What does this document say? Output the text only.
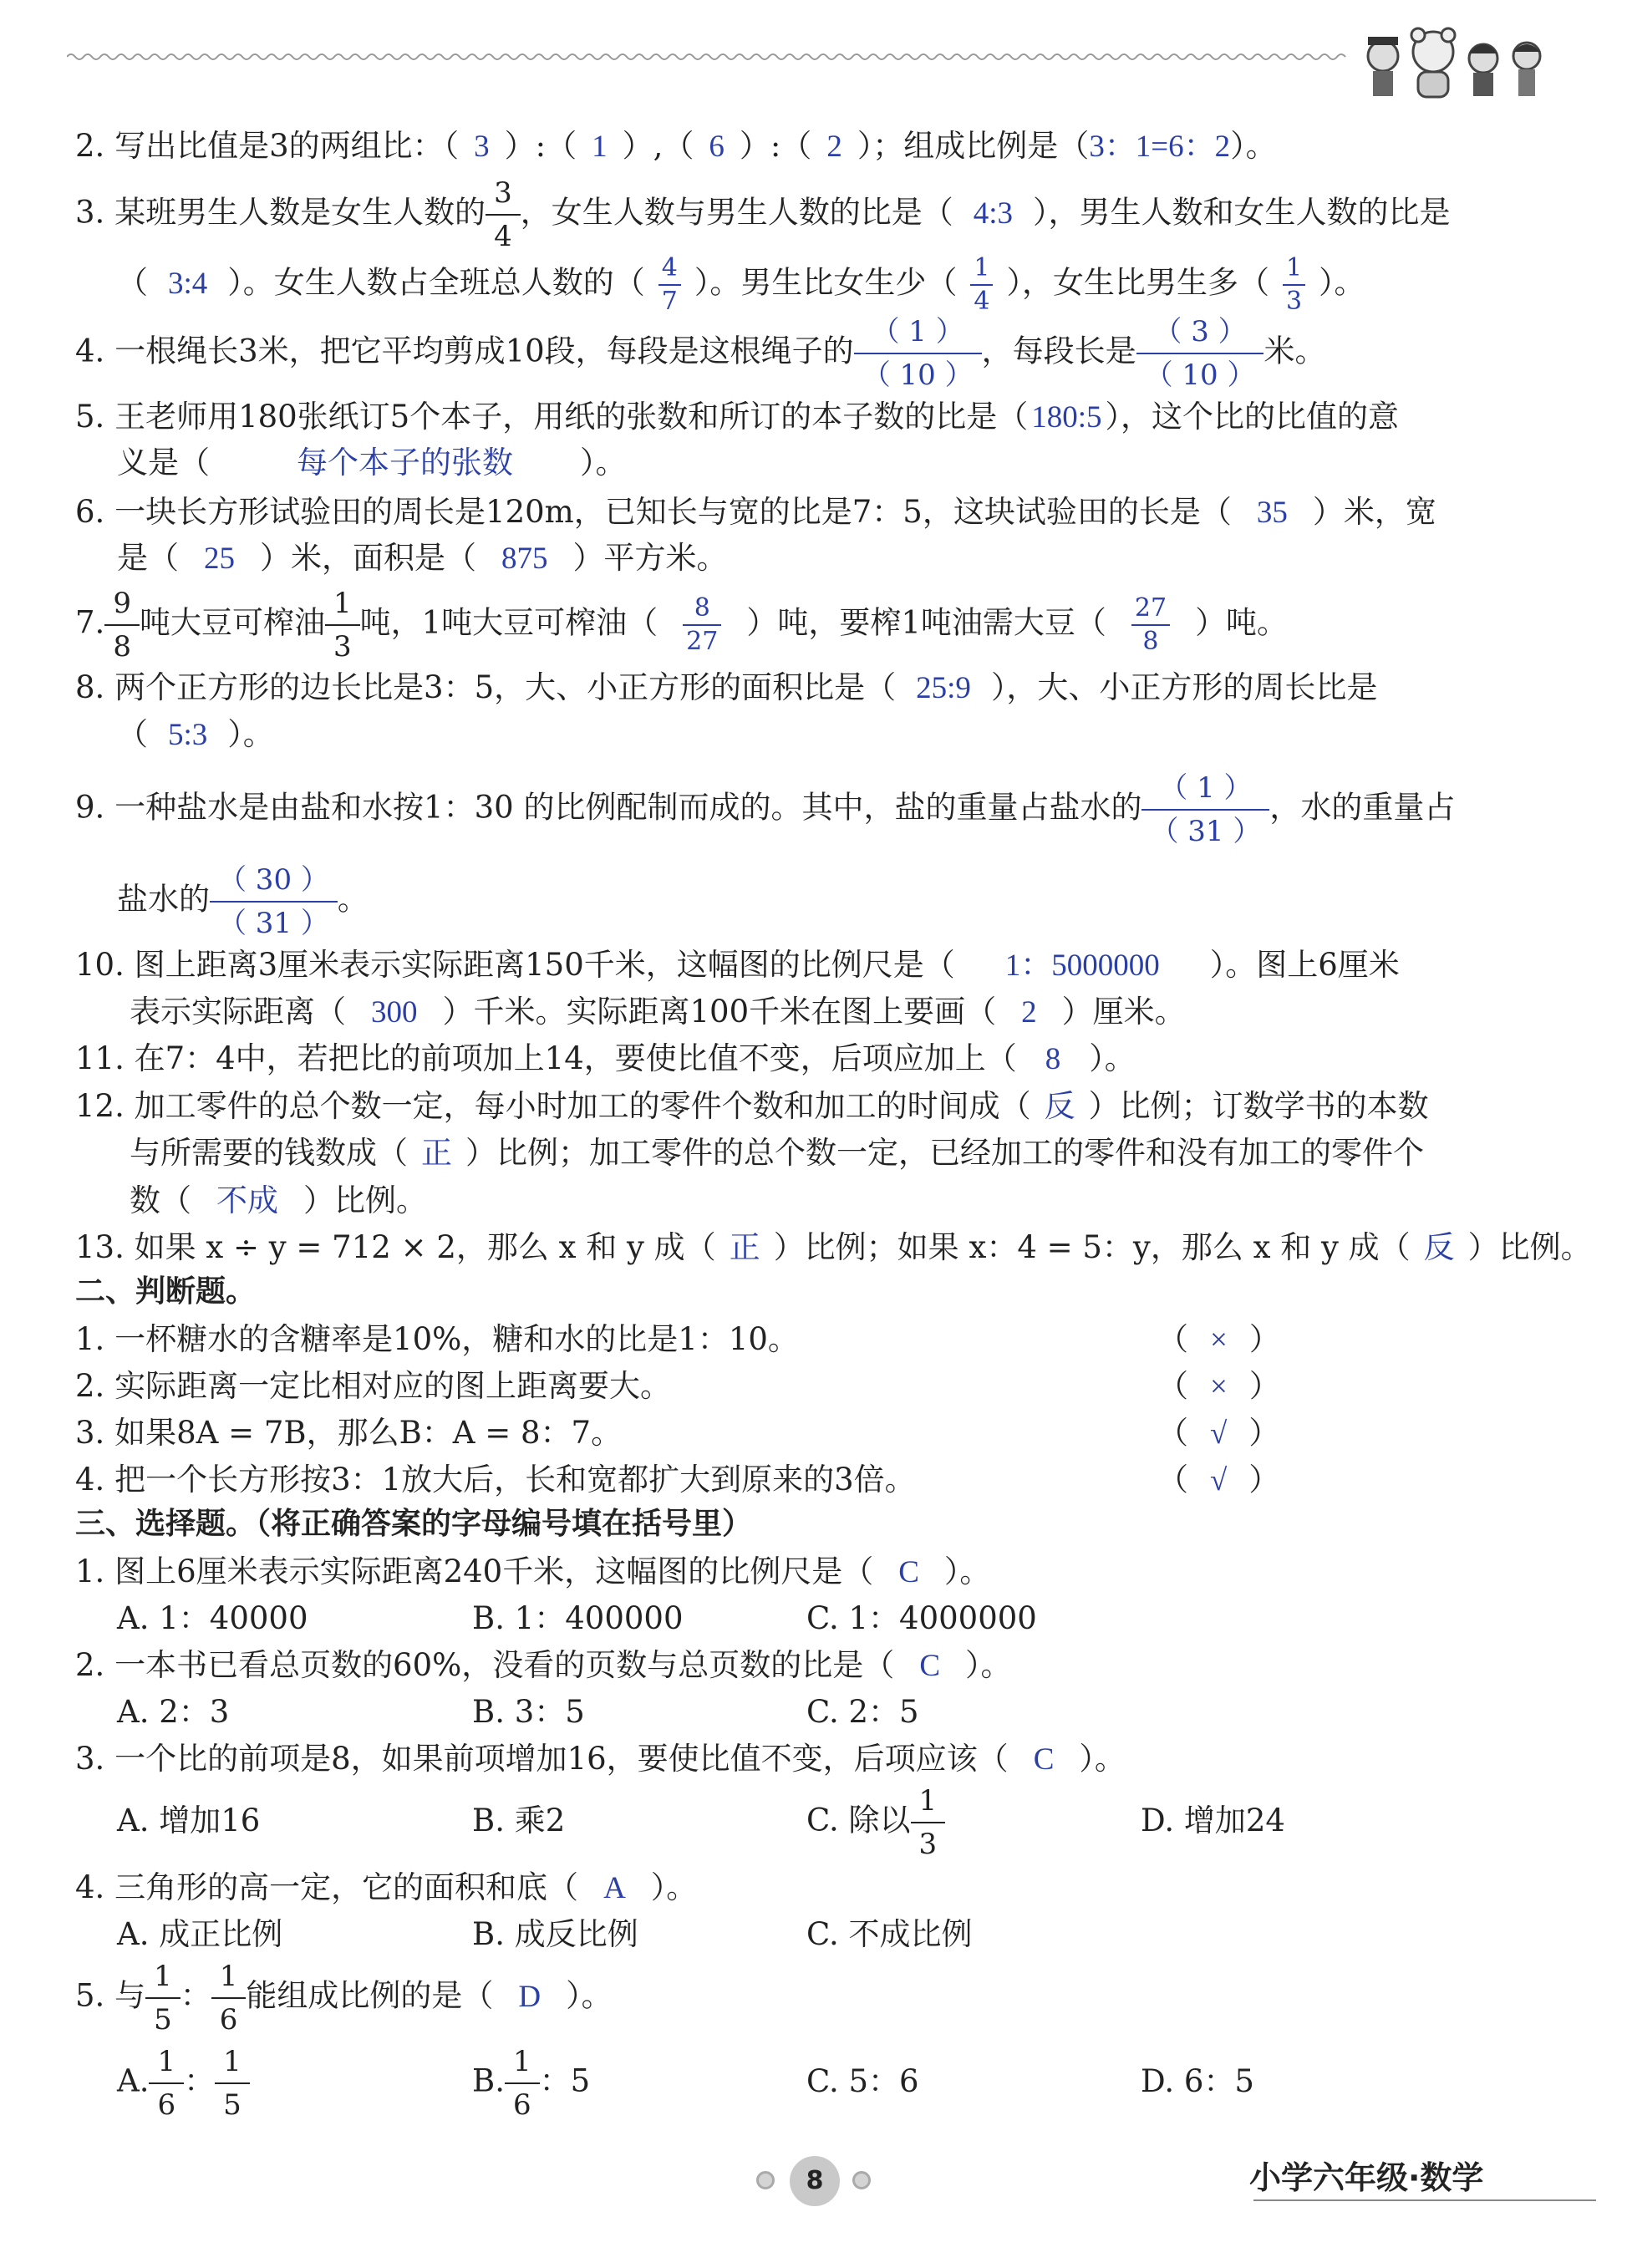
2. 写出比值是3的两组比：（ 3 ）:（ 1 ）,（ 6 ）:（ 2 ）；组成比例是（3：1=6：2）。
3. 某班男生人数是女生人数的 $\frac{3}{4}$ ，女生人数与男生人数的比是（ 4:3 ），男生人数和女生人数的比是
（ 3:4 ）。女生人数占全班总人数的（ $\frac{4}{7}$ ）。男生比女生少（ $\frac{1}{4}$ ），女生比男生多（ $\frac{1}{3}$ ）。
4. 一根绳长3米，把它平均剪成10段，每段是这根绳子的 $\frac{( 1 )}{( 10 )}$ ，每段长是 $\frac{( 3 )}{( 10 )}$ 米。
5. 王老师用180张纸订5个本子，用纸的张数和所订的本子数的比是（ 180:5 ），这个比的比值的意
义是（	每个本子的张数 ）。
6. 一块长方形试验田的周长是120m，已知长与宽的比是7：5，这块试验田的长是（ 35 ）米，宽
是（ 25 ）米，面积是（ 875 ）平方米。
7. $\frac{9}{8}$ 吨大豆可榨油 $\frac{1}{3}$ 吨，1吨大豆可榨油（ $\frac{8}{27}$ ）吨，要榨1吨油需大豆（ $\frac{27}{8}$ ）吨。
8. 两个正方形的边长比是3：5，大、小正方形的面积比是（ 25:9 ），大、小正方形的周长比是
（ 5:3 ）。
9. 一种盐水是由盐和水按1：30 的比例配制而成的。其中，盐的重量占盐水的 $\frac{( 1 )}{( 31 )}$ ，水的重量占
盐水的 $\frac{( 30 )}{( 31 )}$ 。
10. 图上距离3厘米表示实际距离150千米，这幅图的比例尺是（ 1：5000000 ）。图上6厘米
表示实际距离（ 300 ）千米。实际距离100千米在图上要画（ 2 ）厘米。
11. 在7：4中，若把比的前项加上14，要使比值不变，后项应加上（ 8 ）。
12. 加工零件的总个数一定，每小时加工的零件个数和加工的时间成（ 反 ）比例；订数学书的本数
与所需要的钱数成（ 正 ）比例；加工零件的总个数一定，已经加工的零件和没有加工的零件个
数（ 不成 ）比例。
13. 如果 x ÷ y = 712 × 2，那么 x 和 y 成（ 正 ）比例；如果 x：4 = 5：y，那么 x 和 y 成（ 反 ）比例。
二、判断题。
1. 一杯糖水的含糖率是10%，糖和水的比是1：10。	（ × ）
2. 实际距离一定比相对应的图上距离要大。	（ × ）
3. 如果8A = 7B，那么B：A = 8：7。	（ √ ）
4. 把一个长方形按3：1放大后，长和宽都扩大到原来的3倍。	（ √ ）
三、选择题。（将正确答案的字母编号填在括号里）
1. 图上6厘米表示实际距离240千米，这幅图的比例尺是（ C ）。
A. 1：40000	B. 1：400000	C. 1：4000000
2. 一本书已看总页数的60%，没看的页数与总页数的比是（ C ）。
A. 2：3	B. 3：5	C. 2：5
3. 一个比的前项是8，如果前项增加16，要使比值不变，后项应该（ C ）。
A. 增加16	B. 乘2	C. 除以 $\frac{1}{3}$	D. 增加24
4. 三角形的高一定，它的面积和底（ A ）。
A. 成正比例	B. 成反比例	C. 不成比例
5. 与 $\frac{1}{5}$ ： $\frac{1}{6}$ 能组成比例的是（ D ）。
A. $\frac{1}{6}$ ： $\frac{1}{5}$	B. $\frac{1}{6}$ ：5	C. 5：6	D. 6：5
8	小学六年级·数学
